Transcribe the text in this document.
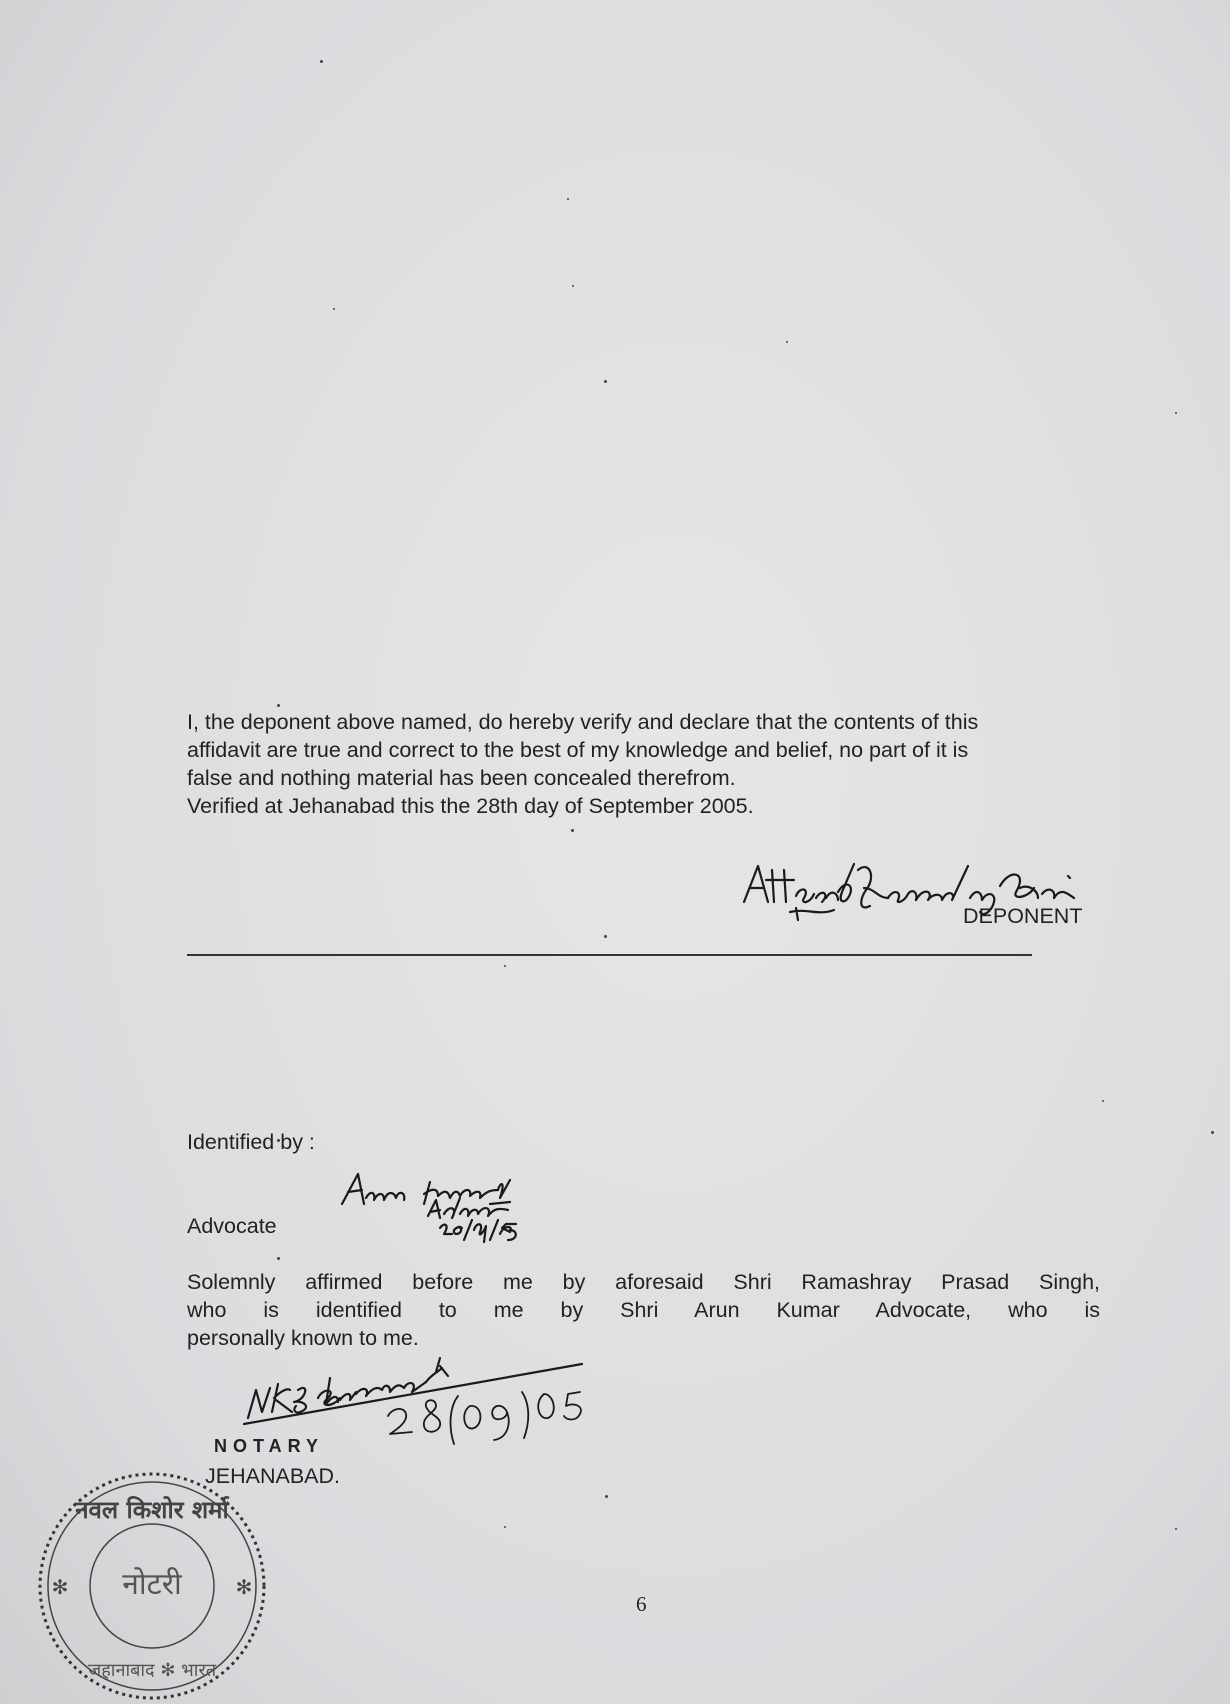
I, the deponent above named, do hereby verify and declare that the contents of this
affidavit are true and correct to the best of my knowledge and belief, no part of it is
false and nothing material has been concealed therefrom.
Verified at Jehanabad this the 28th day of September 2005.
DEPONENT
Identified by :
Advocate
Solemnly affirmed before me by aforesaid Shri Ramashray Prasad Singh,
who is identified to me by Shri Arun Kumar Advocate, who is
personally known to me.
NOTARY
JEHANABAD.
नोटरी
नवल किशोर शर्मा
जहानाबाद ✻ भारत
✻	✻
6
